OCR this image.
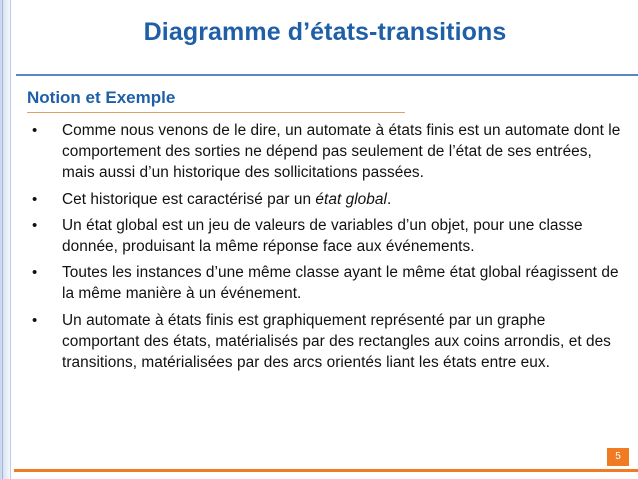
Diagramme d’états-transitions
Notion et Exemple
• Comme nous venons de le dire, un automate à états finis est un automate dont le comportement des sorties ne dépend pas seulement de l’état de ses entrées, mais aussi d’un historique des sollicitations passées.
• Cet historique est caractérisé par un état global.
• Un état global est un jeu de valeurs de variables d’un objet, pour une classe donnée, produisant la même réponse face aux événements.
• Toutes les instances d’une même classe ayant le même état global réagissent de la même manière à un événement.
• Un automate à états finis est graphiquement représenté par un graphe comportant des états, matérialisés par des rectangles aux coins arrondis, et des transitions, matérialisées par des arcs orientés liant les états entre eux.
5
